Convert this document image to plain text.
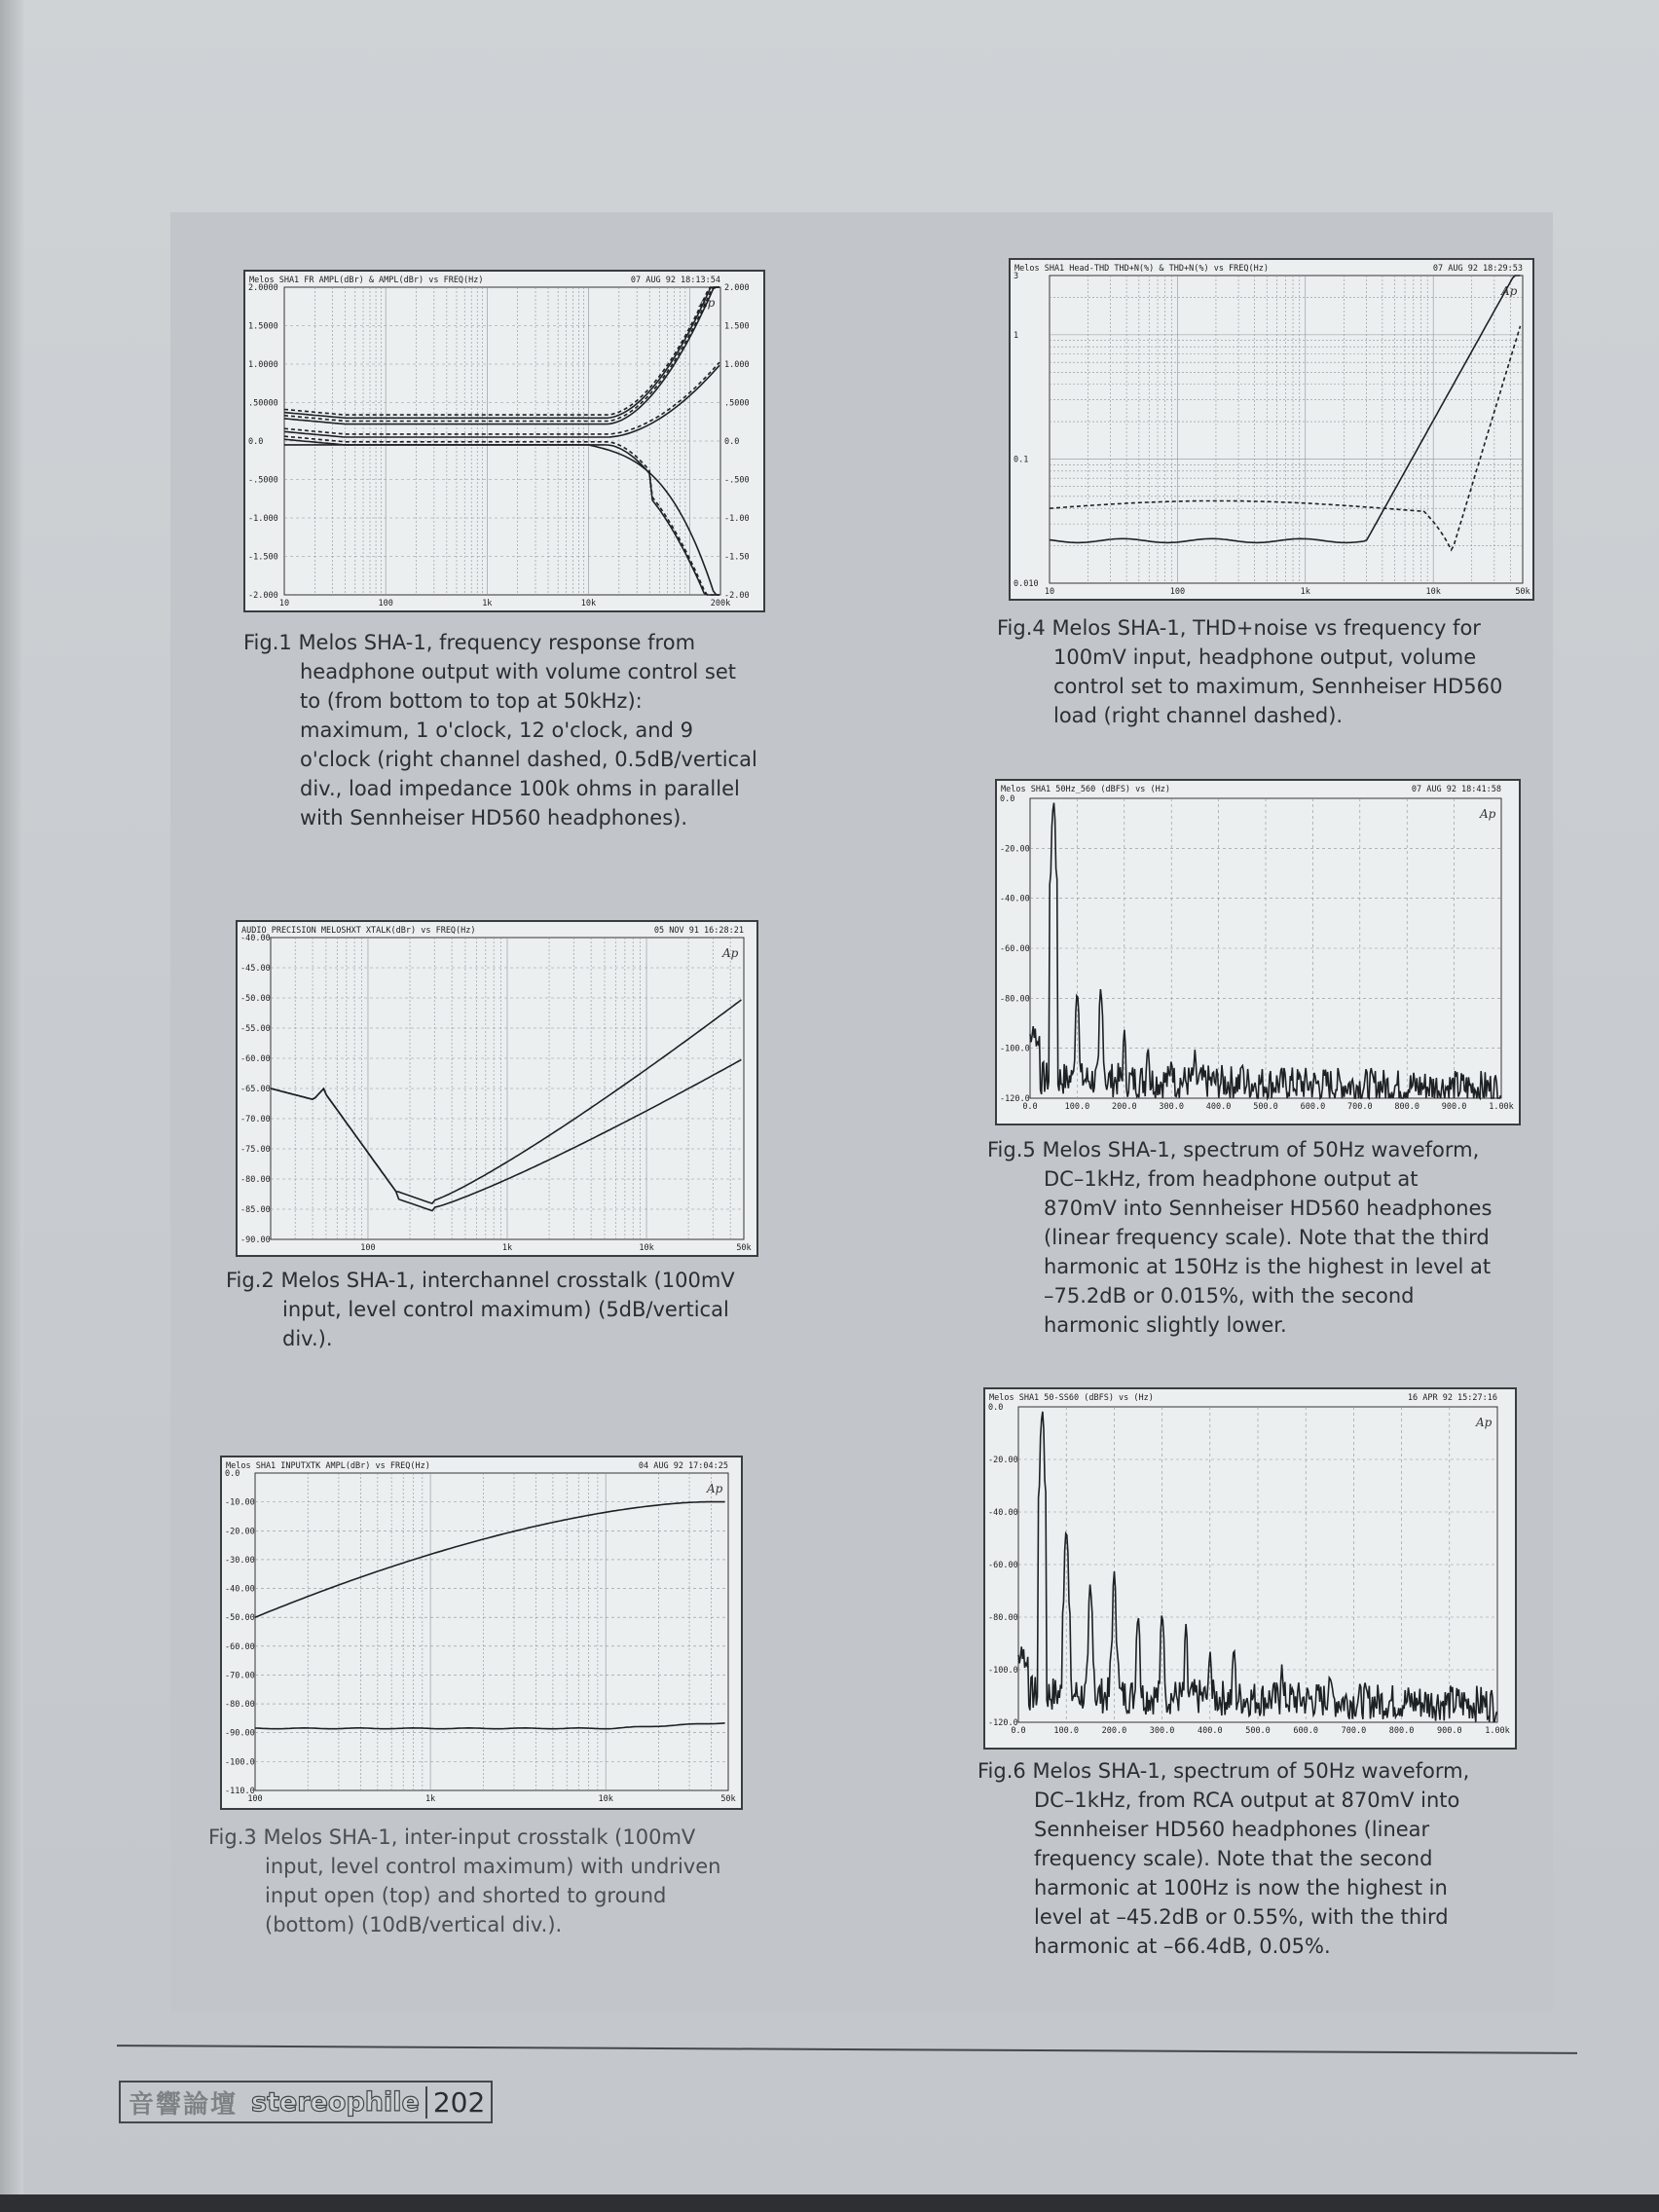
Melos SHA1 FR AMPL(dBr) & AMPL(dBr) vs FREQ(Hz)	07 AUG 92 18:13:54
Ap
2.0000
1.5000
1.0000
.50000
0.0
-.5000
-1.000
-1.500
-2.000
2.000
1.500
1.000
.5000
0.0
-.500
-1.00
-1.50
-2.00
10	100	1k	10k	200k
Fig.1 Melos SHA-1, frequency response from

headphone output with volume control set

to (from bottom to top at 50kHz):

maximum, 1 o'clock, 12 o'clock, and 9

o'clock (right channel dashed, 0.5dB/vertical

div., load impedance 100k ohms in parallel

with Sennheiser HD560 headphones).

AUDIO PRECISION MELOSHXT XTALK(dBr) vs FREQ(Hz)	05 NOV 91 16:28:21
Ap
-40.00
-45.00
-50.00
-55.00
-60.00
-65.00
-70.00
-75.00
-80.00
-85.00
-90.00
100	1k	10k	50k
Fig.2 Melos SHA-1, interchannel crosstalk (100mV

input, level control maximum) (5dB/vertical

div.).

Melos SHA1 INPUTXTK AMPL(dBr) vs FREQ(Hz)	04 AUG 92 17:04:25
Ap
0.0
-10.00
-20.00
-30.00
-40.00
-50.00
-60.00
-70.00
-80.00
-90.00
-100.0
-110.0
100	1k	10k	50k
Fig.3 Melos SHA-1, inter-input crosstalk (100mV

input, level control maximum) with undriven

input open (top) and shorted to ground

(bottom) (10dB/vertical div.).

Melos SHA1 Head-THD THD+N(%) & THD+N(%) vs FREQ(Hz)	07 AUG 92 18:29:53
Ap
3
1
0.1
0.010
10	100	1k	10k	50k
Fig.4 Melos SHA-1, THD+noise vs frequency for

100mV input, headphone output, volume

control set to maximum, Sennheiser HD560

load (right channel dashed).

Melos SHA1 50Hz_560 (dBFS) vs (Hz)	07 AUG 92 18:41:58
Ap
0.0
-20.00
-40.00
-60.00
-80.00
-100.0
-120.0
0.0	100.0	200.0	300.0	400.0	500.0	600.0	700.0	800.0	900.0	1.00k
Fig.5 Melos SHA-1, spectrum of 50Hz waveform,

DC–1kHz, from headphone output at

870mV into Sennheiser HD560 headphones

(linear frequency scale). Note that the third

harmonic at 150Hz is the highest in level at

–75.2dB or 0.015%, with the second

harmonic slightly lower.

Melos SHA1 50-SS60 (dBFS) vs (Hz)	16 APR 92 15:27:16
Ap
0.0
-20.00
-40.00
-60.00
-80.00
-100.0
-120.0
0.0	100.0	200.0	300.0	400.0	500.0	600.0	700.0	800.0	900.0	1.00k
Fig.6 Melos SHA-1, spectrum of 50Hz waveform,

DC–1kHz, from RCA output at 870mV into

Sennheiser HD560 headphones (linear

frequency scale). Note that the second

harmonic at 100Hz is now the highest in

level at –45.2dB or 0.55%, with the third

harmonic at –66.4dB, 0.05%.

音響論壇 stereophile 202
